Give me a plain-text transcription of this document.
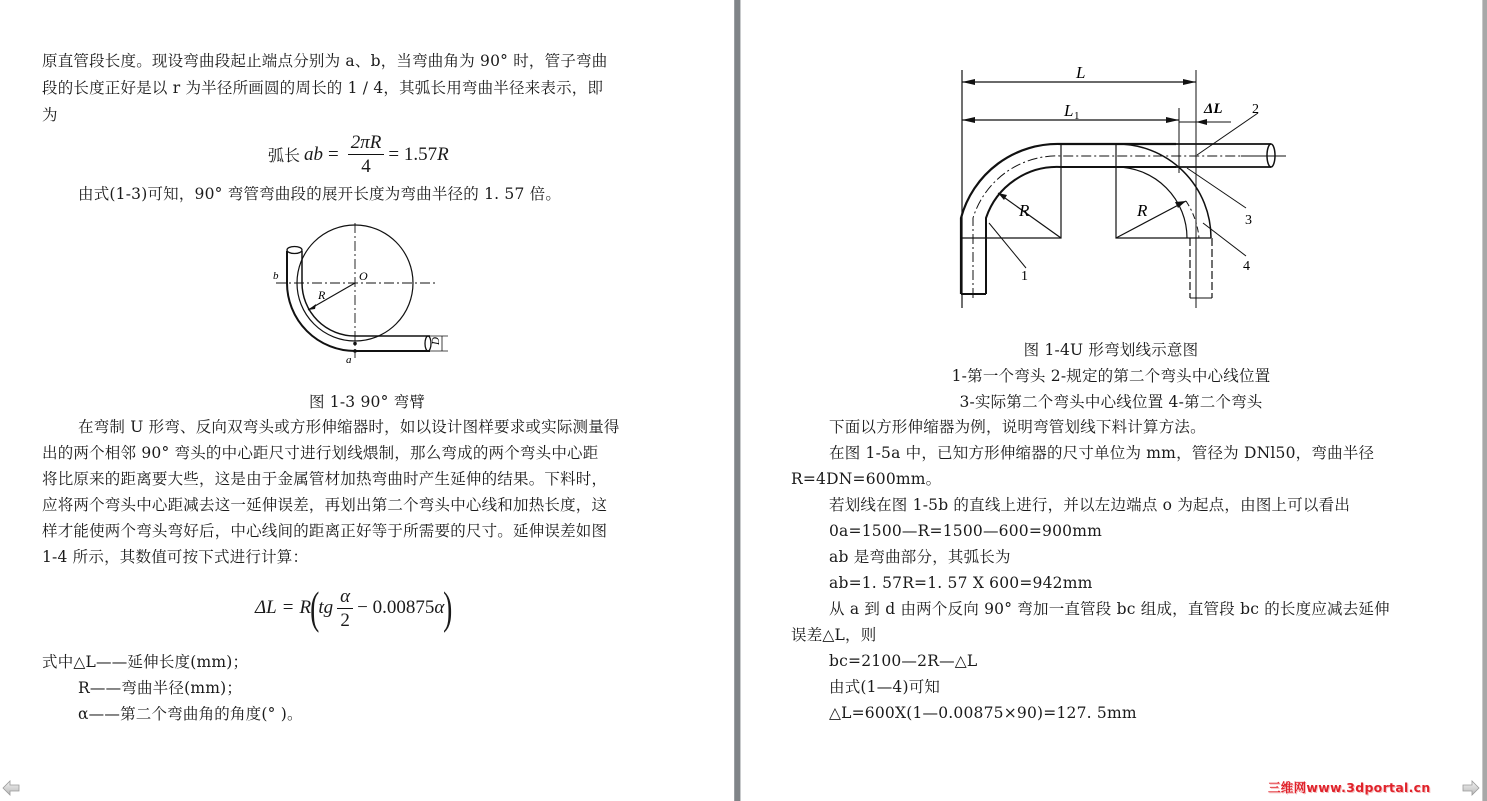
原直管段长度。现设弯曲段起止端点分别为 a、b，当弯曲角为 90° 时，管子弯曲
段的长度正好是以 r 为半径所画圆的周长的 1 / 4，其弧长用弯曲半径来表示，即
为
弧长 ab = $\frac{2\pi R}{4} = 1.57$ R
由式(1-3)可知，90° 弯管弯曲段的展开长度为弯曲半径的 1. 57 倍。
b	O
R
a
D
图 1-3 90° 弯臂
在弯制 U 形弯、反向双弯头或方形伸缩器时，如以设计图样要求或实际测量得
出的两个相邻 90° 弯头的中心距尺寸进行划线煨制，那么弯成的两个弯头中心距
将比原来的距离要大些，这是由于金属管材加热弯曲时产生延伸的结果。下料时，
应将两个弯头中心距减去这一延伸误差，再划出第二个弯头中心线和加热长度，这
样才能使两个弯头弯好后，中心线间的距离正好等于所需要的尺寸。延伸误差如图
1-4 所示，其数值可按下式进行计算：
ΔL = R ( tg $\frac{\alpha}{2} - 0.00875$ α )
式中△L——延伸长度(mm)；
R——弯曲半径(mm)；
α——第二个弯曲角的角度(° )。
L
L 1	ΔL 2
1
3
4
R	R
图 1-4U 形弯划线示意图
1-第一个弯头 2-规定的第二个弯头中心线位置
3-实际第二个弯头中心线位置 4-第二个弯头
下面以方形伸缩器为例，说明弯管划线下料计算方法。
在图 1-5a 中，已知方形伸缩器的尺寸单位为 mm，管径为 DNl50，弯曲半径
R=4DN=600mm。
若划线在图 1-5b 的直线上进行，并以左边端点 o 为起点，由图上可以看出
0a=1500—R=1500—600=900mm
ab 是弯曲部分，其弧长为
ab=1. 57R=1. 57 X 600=942mm
从 a 到 d 由两个反向 90° 弯加一直管段 bc 组成，直管段 bc 的长度应减去延伸
误差△L，则
bc=2100—2R—△L
由式(1—4)可知
△L=600X(1—0.00875×90)=127. 5mm
三维网www.3dportal.cn
